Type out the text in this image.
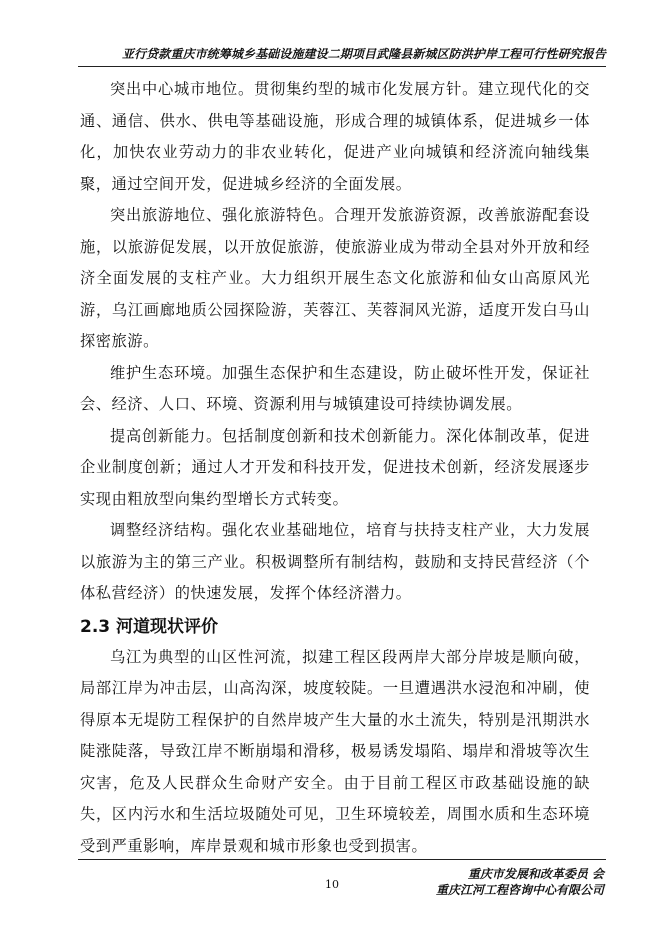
亚行贷款重庆市统筹城乡基础设施建设二期项目武隆县新城区防洪护岸工程可行性研究报告

突出中心城市地位。贯彻集约型的城市化发展方针。建立现代化的交通、通信、供水、供电等基础设施，形成合理的城镇体系，促进城乡一体化，加快农业劳动力的非农业转化，促进产业向城镇和经济流向轴线集聚，通过空间开发，促进城乡经济的全面发展。

突出旅游地位、强化旅游特色。合理开发旅游资源，改善旅游配套设施，以旅游促发展，以开放促旅游，使旅游业成为带动全县对外开放和经济全面发展的支柱产业。大力组织开展生态文化旅游和仙女山高原风光游，乌江画廊地质公园探险游，芙蓉江、芙蓉洞风光游，适度开发白马山探密旅游。

维护生态环境。加强生态保护和生态建设，防止破坏性开发，保证社会、经济、人口、环境、资源利用与城镇建设可持续协调发展。

提高创新能力。包括制度创新和技术创新能力。深化体制改革，促进企业制度创新；通过人才开发和科技开发，促进技术创新，经济发展逐步实现由粗放型向集约型增长方式转变。

调整经济结构。强化农业基础地位，培育与扶持支柱产业，大力发展以旅游为主的第三产业。积极调整所有制结构，鼓励和支持民营经济（个体私营经济）的快速发展，发挥个体经济潜力。

2.3 河道现状评价

乌江为典型的山区性河流，拟建工程区段两岸大部分岸坡是顺向破，局部江岸为冲击层，山高沟深，坡度较陡。一旦遭遇洪水浸泡和冲刷，使得原本无堤防工程保护的自然岸坡产生大量的水土流失，特别是汛期洪水陡涨陡落，导致江岸不断崩塌和滑移，极易诱发塌陷、塌岸和滑坡等次生灾害，危及人民群众生命财产安全。由于目前工程区市政基础设施的缺失，区内污水和生活垃圾随处可见，卫生环境较差，周围水质和生态环境受到严重影响，库岸景观和城市形象也受到损害。

10
重庆市发展和改革委员 会
重庆江河工程咨询中心有限公司
